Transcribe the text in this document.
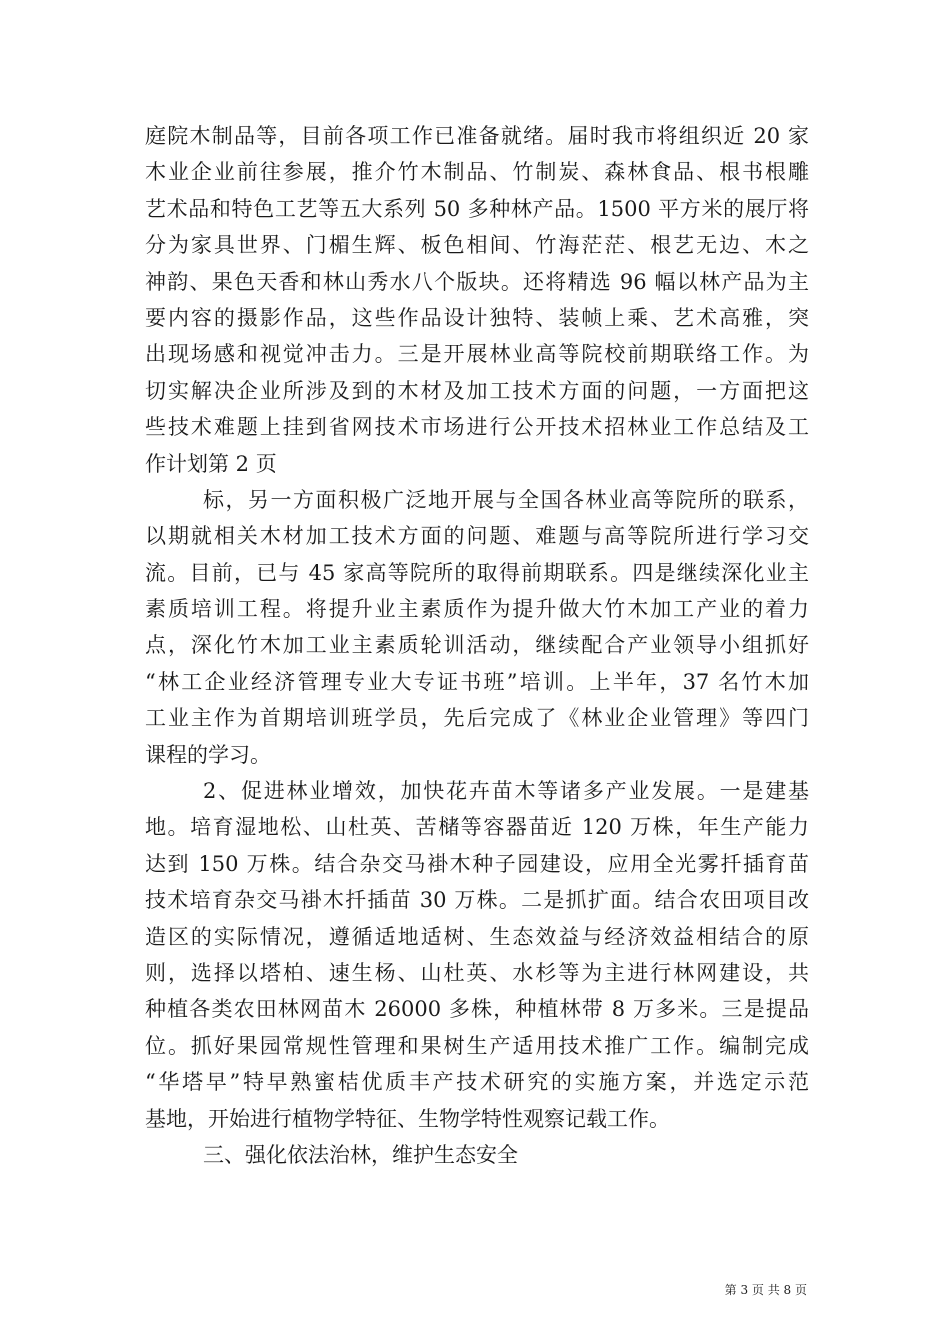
庭院木制品等，目前各项工作已准备就绪。届时我市将组织近 20 家
木业企业前往参展，推介竹木制品、竹制炭、森林食品、根书根雕
艺术品和特色工艺等五大系列 50 多种林产品。1500 平方米的展厅将
分为家具世界、门楣生辉、板色相间、竹海茫茫、根艺无边、木之
神韵、果色天香和林山秀水八个版块。还将精选 96 幅以林产品为主
要内容的摄影作品，这些作品设计独特、装帧上乘、艺术高雅，突
出现场感和视觉冲击力。三是开展林业高等院校前期联络工作。为
切实解决企业所涉及到的木材及加工技术方面的问题，一方面把这
些技术难题上挂到省网技术市场进行公开技术招林业工作总结及工
作计划第 2 页
标，另一方面积极广泛地开展与全国各林业高等院所的联系，
以期就相关木材加工技术方面的问题、难题与高等院所进行学习交
流。目前，已与 45 家高等院所的取得前期联系。四是继续深化业主
素质培训工程。将提升业主素质作为提升做大竹木加工产业的着力
点，深化竹木加工业主素质轮训活动，继续配合产业领导小组抓好
“林工企业经济管理专业大专证书班”培训。上半年，37 名竹木加
工业主作为首期培训班学员，先后完成了《林业企业管理》等四门
课程的学习。
2、促进林业增效，加快花卉苗木等诸多产业发展。一是建基
地。培育湿地松、山杜英、苦槠等容器苗近 120 万株，年生产能力
达到 150 万株。结合杂交马褂木种子园建设，应用全光雾扦插育苗
技术培育杂交马褂木扦插苗 30 万株。二是抓扩面。结合农田项目改
造区的实际情况，遵循适地适树、生态效益与经济效益相结合的原
则，选择以塔柏、速生杨、山杜英、水杉等为主进行林网建设，共
种植各类农田林网苗木 26000 多株，种植林带 8 万多米。三是提品
位。抓好果园常规性管理和果树生产适用技术推广工作。编制完成
“华塔早”特早熟蜜桔优质丰产技术研究的实施方案，并选定示范
基地，开始进行植物学特征、生物学特性观察记载工作。
三、强化依法治林，维护生态安全
第 3 页 共 8 页
